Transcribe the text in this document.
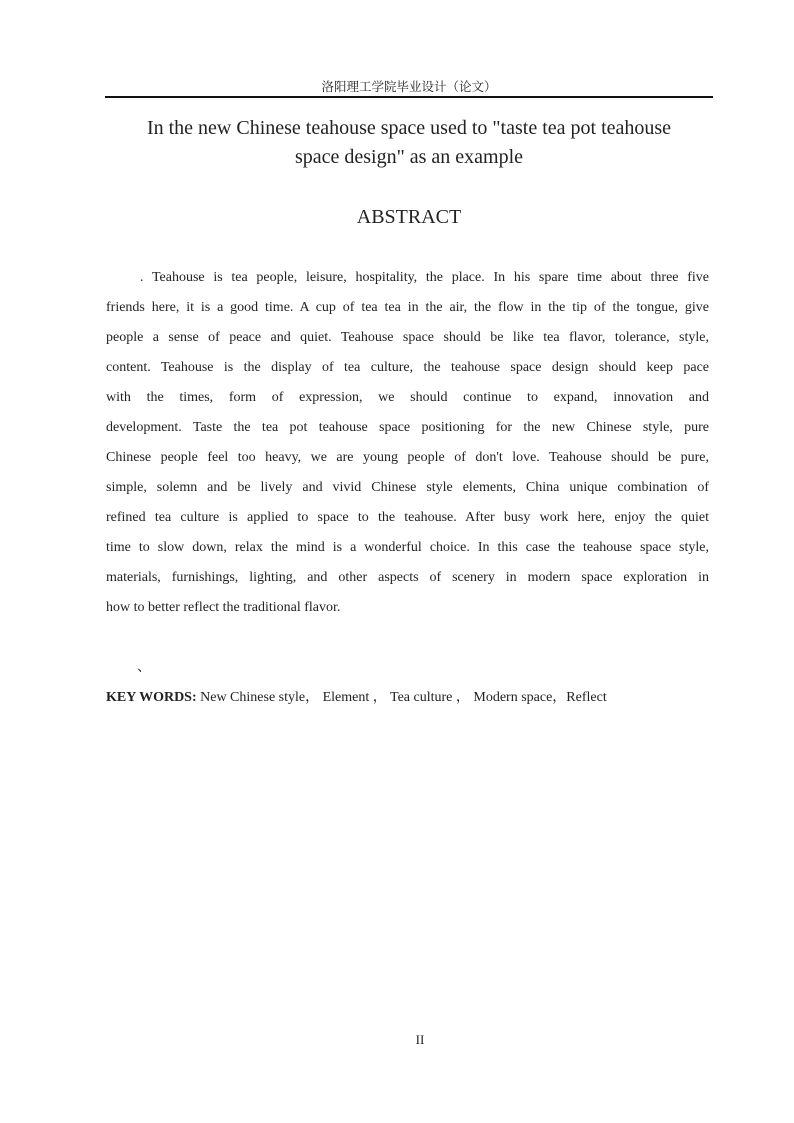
洛阳理工学院毕业设计（论文）
In the new Chinese teahouse space used to "taste tea pot teahouse
space design" as an example
ABSTRACT

. Teahouse is tea people, leisure, hospitality, the place. In his spare time about three five
friends here, it is a good time. A cup of tea tea in the air, the flow in the tip of the tongue, give
people a sense of peace and quiet. Teahouse space should be like tea flavor, tolerance, style,
content. Teahouse is the display of tea culture, the teahouse space design should keep pace
with the times, form of expression, we should continue to expand, innovation and
development. Taste the tea pot teahouse space positioning for the new Chinese style, pure
Chinese people feel too heavy, we are young people of don't love. Teahouse should be pure,
simple, solemn and be lively and vivid Chinese style elements, China unique combination of
refined tea culture is applied to space to the teahouse. After busy work here, enjoy the quiet
time to slow down, relax the mind is a wonderful choice. In this case the teahouse space style,
materials, furnishings, lighting, and other aspects of scenery in modern space exploration in
how to better reflect the traditional flavor.

、

KEY WORDS: New Chinese style， Element ， Tea culture ， Modern space，Reflect

II
